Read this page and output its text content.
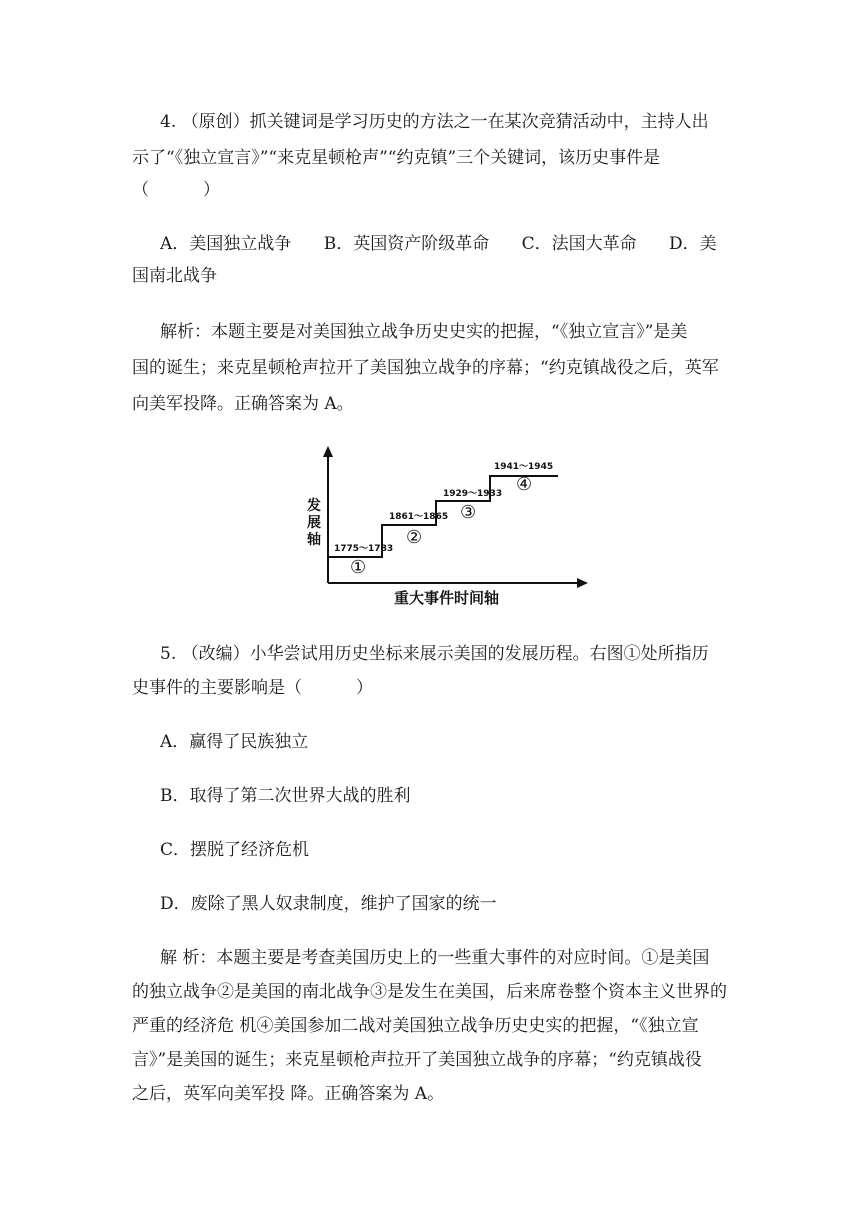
4. （原创）抓关键词是学习历史的方法之一在某次竞猜活动中，主持人出
示了“《独立宣言》”“来克星顿枪声”“约克镇”三个关键词，该历史事件是
（          ）
A．美国独立战争      B．英国资产阶级革命      C．法国大革命      D．美
国南北战争
解析：本题主要是对美国独立战争历史史实的把握，“《独立宣言》”是美
国的诞生；来克星顿枪声拉开了美国独立战争的序幕；“约克镇战役之后，英军
向美军投降。正确答案为 A。
发
展
轴
重大事件时间轴
1775～1783
1861～1865
1929～1933
1941～1945
①
②
③
④
5. （改编）小华尝试用历史坐标来展示美国的发展历程。右图①处所指历
史事件的主要影响是（          ）
A．赢得了民族独立
B．取得了第二次世界大战的胜利
C．摆脱了经济危机
D．废除了黑人奴隶制度，维护了国家的统一
解 析：本题主要是考查美国历史上的一些重大事件的对应时间。①是美国
的独立战争②是美国的南北战争③是发生在美国，后来席卷整个资本主义世界的
严重的经济危 机④美国参加二战对美国独立战争历史史实的把握，“《独立宣
言》”是美国的诞生；来克星顿枪声拉开了美国独立战争的序幕；“约克镇战役
之后，英军向美军投 降。正确答案为 A。
